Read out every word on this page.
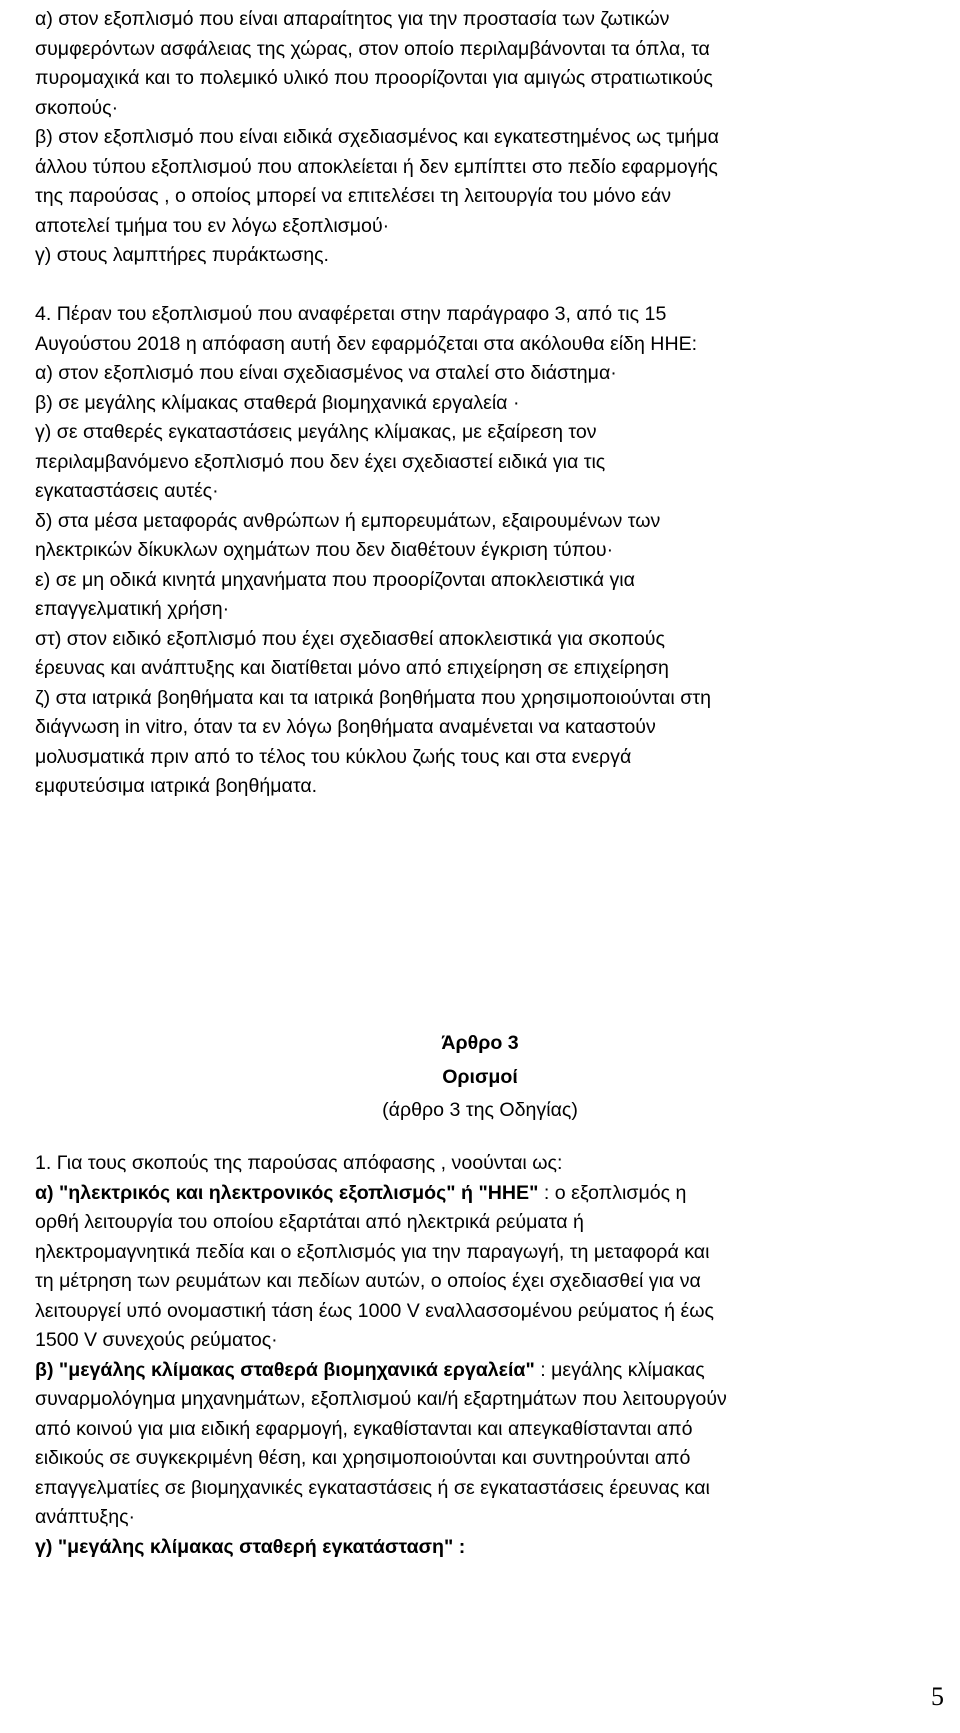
α) στον εξοπλισμό που είναι απαραίτητος για την προστασία των ζωτικών
συμφερόντων ασφάλειας της χώρας, στον οποίο περιλαμβάνονται τα όπλα, τα
πυρομαχικά και το πολεμικό υλικό που προορίζονται για αμιγώς στρατιωτικούς
σκοπούς·
β) στον εξοπλισμό που είναι ειδικά σχεδιασμένος και εγκατεστημένος ως τμήμα
άλλου τύπου εξοπλισμού που αποκλείεται ή δεν εμπίπτει στο πεδίο εφαρμογής
της παρούσας , ο οποίος μπορεί να επιτελέσει τη λειτουργία του μόνο εάν
αποτελεί τμήμα του εν λόγω εξοπλισμού·
γ) στους λαμπτήρες πυράκτωσης.
4. Πέραν του εξοπλισμού που αναφέρεται στην παράγραφο 3, από τις 15
Αυγούστου 2018 η απόφαση αυτή δεν εφαρμόζεται στα ακόλουθα είδη ΗΗΕ:
α) στον εξοπλισμό που είναι σχεδιασμένος να σταλεί στο διάστημα·
β) σε μεγάλης κλίμακας σταθερά βιομηχανικά εργαλεία ·
γ) σε σταθερές εγκαταστάσεις μεγάλης κλίμακας, με εξαίρεση τον
περιλαμβανόμενο εξοπλισμό που δεν έχει σχεδιαστεί ειδικά για τις
εγκαταστάσεις αυτές·
δ) στα μέσα μεταφοράς ανθρώπων ή εμπορευμάτων, εξαιρουμένων των
ηλεκτρικών δίκυκλων οχημάτων που δεν διαθέτουν έγκριση τύπου·
ε) σε μη οδικά κινητά μηχανήματα που προορίζονται αποκλειστικά για
επαγγελματική χρήση·
στ) στον ειδικό εξοπλισμό που έχει σχεδιασθεί αποκλειστικά για σκοπούς
έρευνας και ανάπτυξης και διατίθεται μόνο από επιχείρηση σε επιχείρηση
ζ) στα ιατρικά βοηθήματα και τα ιατρικά βοηθήματα που χρησιμοποιούνται στη
διάγνωση in vitro, όταν τα εν λόγω βοηθήματα αναμένεται να καταστούν
μολυσματικά πριν από το τέλος του κύκλου ζωής τους και στα ενεργά
εμφυτεύσιμα ιατρικά βοηθήματα.
Άρθρο 3
Ορισμοί
(άρθρο 3 της Οδηγίας)
1. Για τους σκοπούς της παρούσας απόφασης , νοούνται ως:
α) "ηλεκτρικός και ηλεκτρονικός εξοπλισμός" ή "ΗΗΕ" : ο εξοπλισμός η
ορθή λειτουργία του οποίου εξαρτάται από ηλεκτρικά ρεύματα ή
ηλεκτρομαγνητικά πεδία και ο εξοπλισμός για την παραγωγή, τη μεταφορά και
τη μέτρηση των ρευμάτων και πεδίων αυτών, ο οποίος έχει σχεδιασθεί για να
λειτουργεί υπό ονομαστική τάση έως 1000 V εναλλασσομένου ρεύματος ή έως
1500 V συνεχούς ρεύματος·
β) "μεγάλης κλίμακας σταθερά βιομηχανικά εργαλεία" : μεγάλης κλίμακας
συναρμολόγημα μηχανημάτων, εξοπλισμού και/ή εξαρτημάτων που λειτουργούν
από κοινού για μια ειδική εφαρμογή, εγκαθίστανται και απεγκαθίστανται από
ειδικούς σε συγκεκριμένη θέση, και χρησιμοποιούνται και συντηρούνται από
επαγγελματίες σε βιομηχανικές εγκαταστάσεις ή σε εγκαταστάσεις έρευνας και
ανάπτυξης·
γ) "μεγάλης κλίμακας σταθερή εγκατάσταση" :
5
